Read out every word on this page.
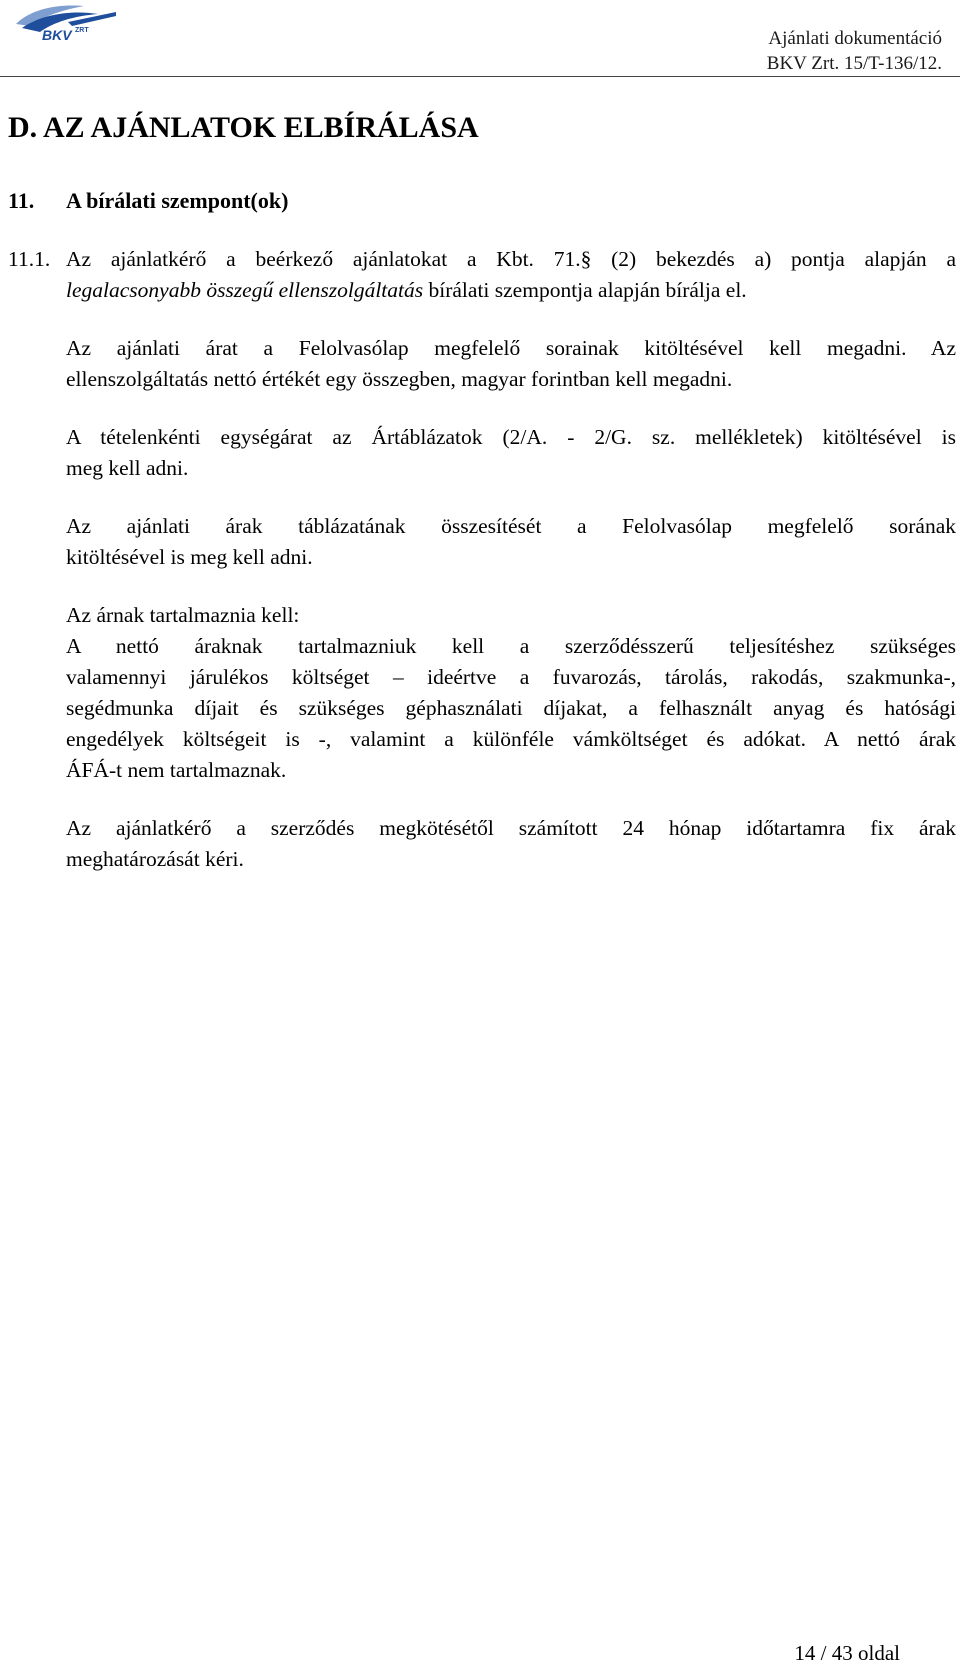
BKV ZRT	Ajánlati dokumentáció
BKV Zrt. 15/T-136/12.
D. AZ AJÁNLATOK ELBÍRÁLÁSA
11. A bírálati szempont(ok)
11.1. Az ajánlatkérő a beérkező ajánlatokat a Kbt. 71.§ (2) bekezdés a) pontja alapján a
legalacsonyabb összegű ellenszolgáltatás bírálati szempontja alapján bírálja el.
Az ajánlati árat a Felolvasólap megfelelő sorainak kitöltésével kell megadni. Az
ellenszolgáltatás nettó értékét egy összegben, magyar forintban kell megadni.
A tételenkénti egységárat az Ártáblázatok (2/A. - 2/G. sz. mellékletek) kitöltésével is
meg kell adni.
Az ajánlati árak táblázatának összesítését a Felolvasólap megfelelő sorának
kitöltésével is meg kell adni.
Az árnak tartalmaznia kell:
A nettó áraknak tartalmazniuk kell a szerződésszerű teljesítéshez szükséges
valamennyi járulékos költséget – ideértve a fuvarozás, tárolás, rakodás, szakmunka-,
segédmunka díjait és szükséges géphasználati díjakat, a felhasznált anyag és hatósági
engedélyek költségeit is -, valamint a különféle vámköltséget és adókat. A nettó árak
ÁFÁ-t nem tartalmaznak.
Az ajánlatkérő a szerződés megkötésétől számított 24 hónap időtartamra fix árak
meghatározását kéri.
14 / 43 oldal
